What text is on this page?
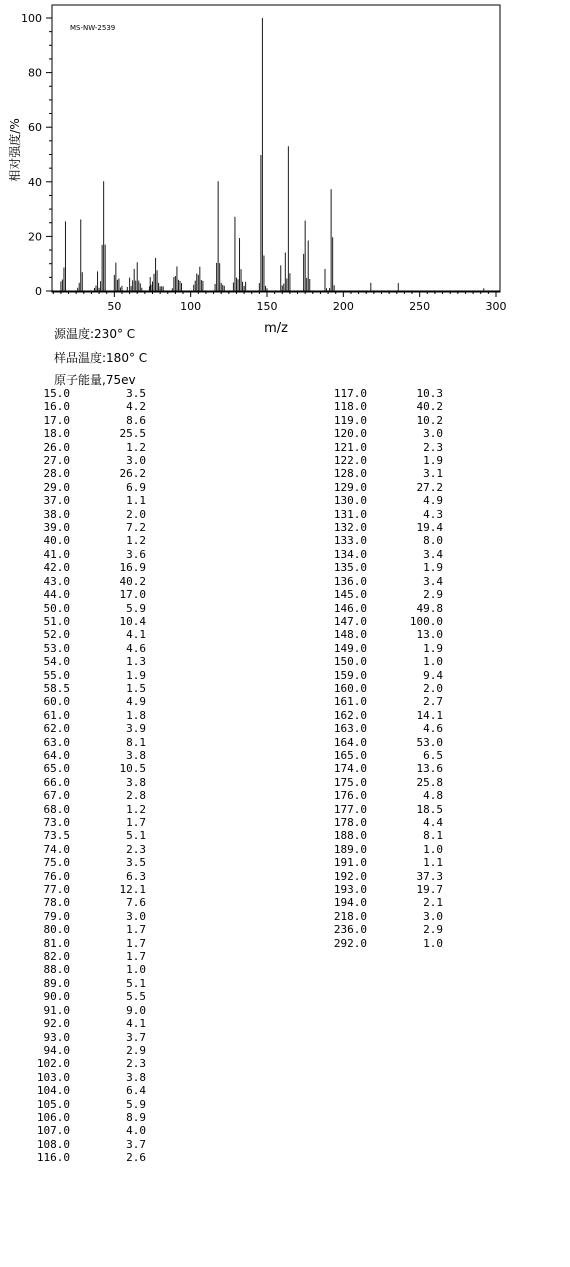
50	100	150	200	250	300
0
20
40
60
80
100
MS-NW-2539
m/z
相对强度/%
源温度:230° C
样品温度:180° C
原子能量,75ev
15.0	3.5
16.0	4.2
17.0	8.6
18.0	25.5
26.0	1.2
27.0	3.0
28.0	26.2
29.0	6.9
37.0	1.1
38.0	2.0
39.0	7.2
40.0	1.2
41.0	3.6
42.0	16.9
43.0	40.2
44.0	17.0
50.0	5.9
51.0	10.4
52.0	4.1
53.0	4.6
54.0	1.3
55.0	1.9
58.5	1.5
60.0	4.9
61.0	1.8
62.0	3.9
63.0	8.1
64.0	3.8
65.0	10.5
66.0	3.8
67.0	2.8
68.0	1.2
73.0	1.7
73.5	5.1
74.0	2.3
75.0	3.5
76.0	6.3
77.0	12.1
78.0	7.6
79.0	3.0
80.0	1.7
81.0	1.7
82.0	1.7
88.0	1.0
89.0	5.1
90.0	5.5
91.0	9.0
92.0	4.1
93.0	3.7
94.0	2.9
102.0	2.3
103.0	3.8
104.0	6.4
105.0	5.9
106.0	8.9
107.0	4.0
108.0	3.7
116.0	2.6
117.0	10.3
118.0	40.2
119.0	10.2
120.0	3.0
121.0	2.3
122.0	1.9
128.0	3.1
129.0	27.2
130.0	4.9
131.0	4.3
132.0	19.4
133.0	8.0
134.0	3.4
135.0	1.9
136.0	3.4
145.0	2.9
146.0	49.8
147.0	100.0
148.0	13.0
149.0	1.9
150.0	1.0
159.0	9.4
160.0	2.0
161.0	2.7
162.0	14.1
163.0	4.6
164.0	53.0
165.0	6.5
174.0	13.6
175.0	25.8
176.0	4.8
177.0	18.5
178.0	4.4
188.0	8.1
189.0	1.0
191.0	1.1
192.0	37.3
193.0	19.7
194.0	2.1
218.0	3.0
236.0	2.9
292.0	1.0
